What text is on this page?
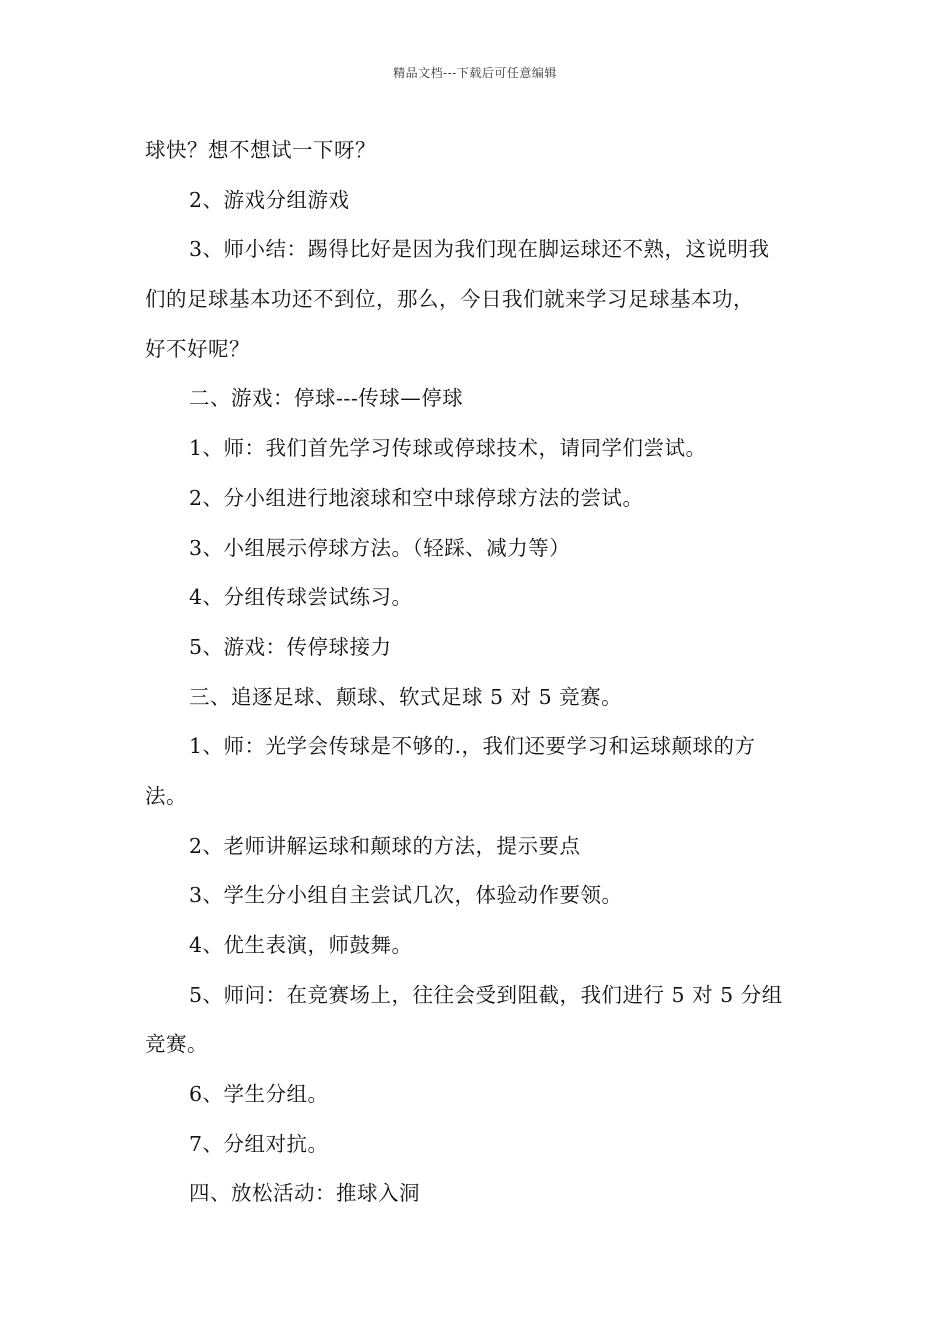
精品文档---下载后可任意编辑
球快？想不想试一下呀？
2、游戏分组游戏
3、师小结：踢得比好是因为我们现在脚运球还不熟，这说明我
们的足球基本功还不到位，那么，今日我们就来学习足球基本功，
好不好呢？
二、游戏：停球---传球—停球
1、师：我们首先学习传球或停球技术，请同学们尝试。
2、分小组进行地滚球和空中球停球方法的尝试。
3、小组展示停球方法。（轻踩、减力等）
4、分组传球尝试练习。
5、游戏：传停球接力
三、追逐足球、颠球、软式足球 5 对 5 竞赛。
1、师：光学会传球是不够的.，我们还要学习和运球颠球的方
法。
2、老师讲解运球和颠球的方法，提示要点
3、学生分小组自主尝试几次，体验动作要领。
4、优生表演，师鼓舞。
5、师问：在竞赛场上，往往会受到阻截，我们进行 5 对 5 分组
竞赛。
6、学生分组。
7、分组对抗。
四、放松活动：推球入洞
